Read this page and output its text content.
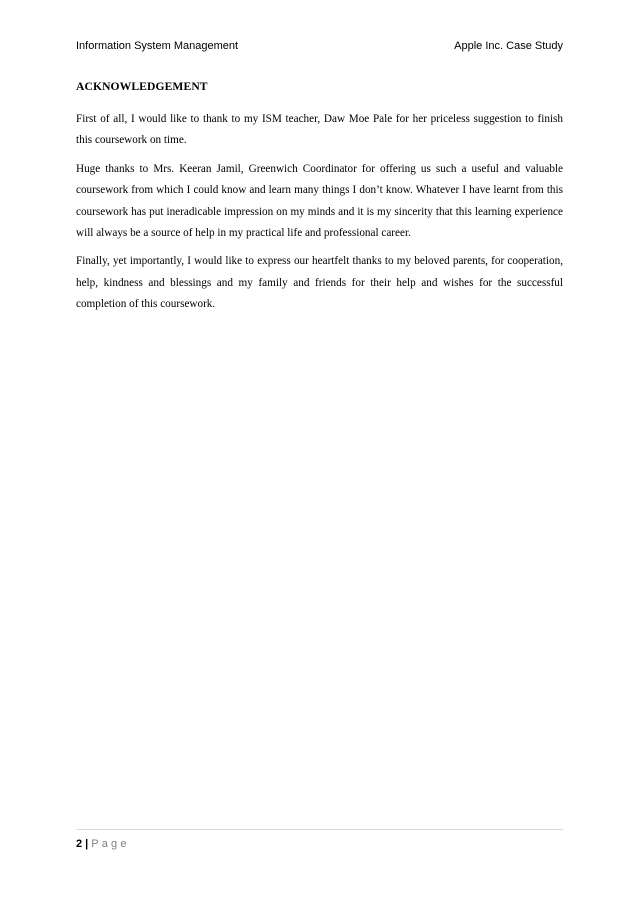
Information System Management	Apple Inc. Case Study
ACKNOWLEDGEMENT

First of all, I would like to thank to my ISM teacher, Daw Moe Pale for her priceless suggestion to finish this coursework on time.

Huge thanks to Mrs. Keeran Jamil, Greenwich Coordinator for offering us such a useful and valuable coursework from which I could know and learn many things I don’t know. Whatever I have learnt from this coursework has put ineradicable impression on my minds and it is my sincerity that this learning experience will always be a source of help in my practical life and professional career.

Finally, yet importantly, I would like to express our heartfelt thanks to my beloved parents, for cooperation, help, kindness and blessings and my family and friends for their help and wishes for the successful completion of this coursework.

2 | Page
